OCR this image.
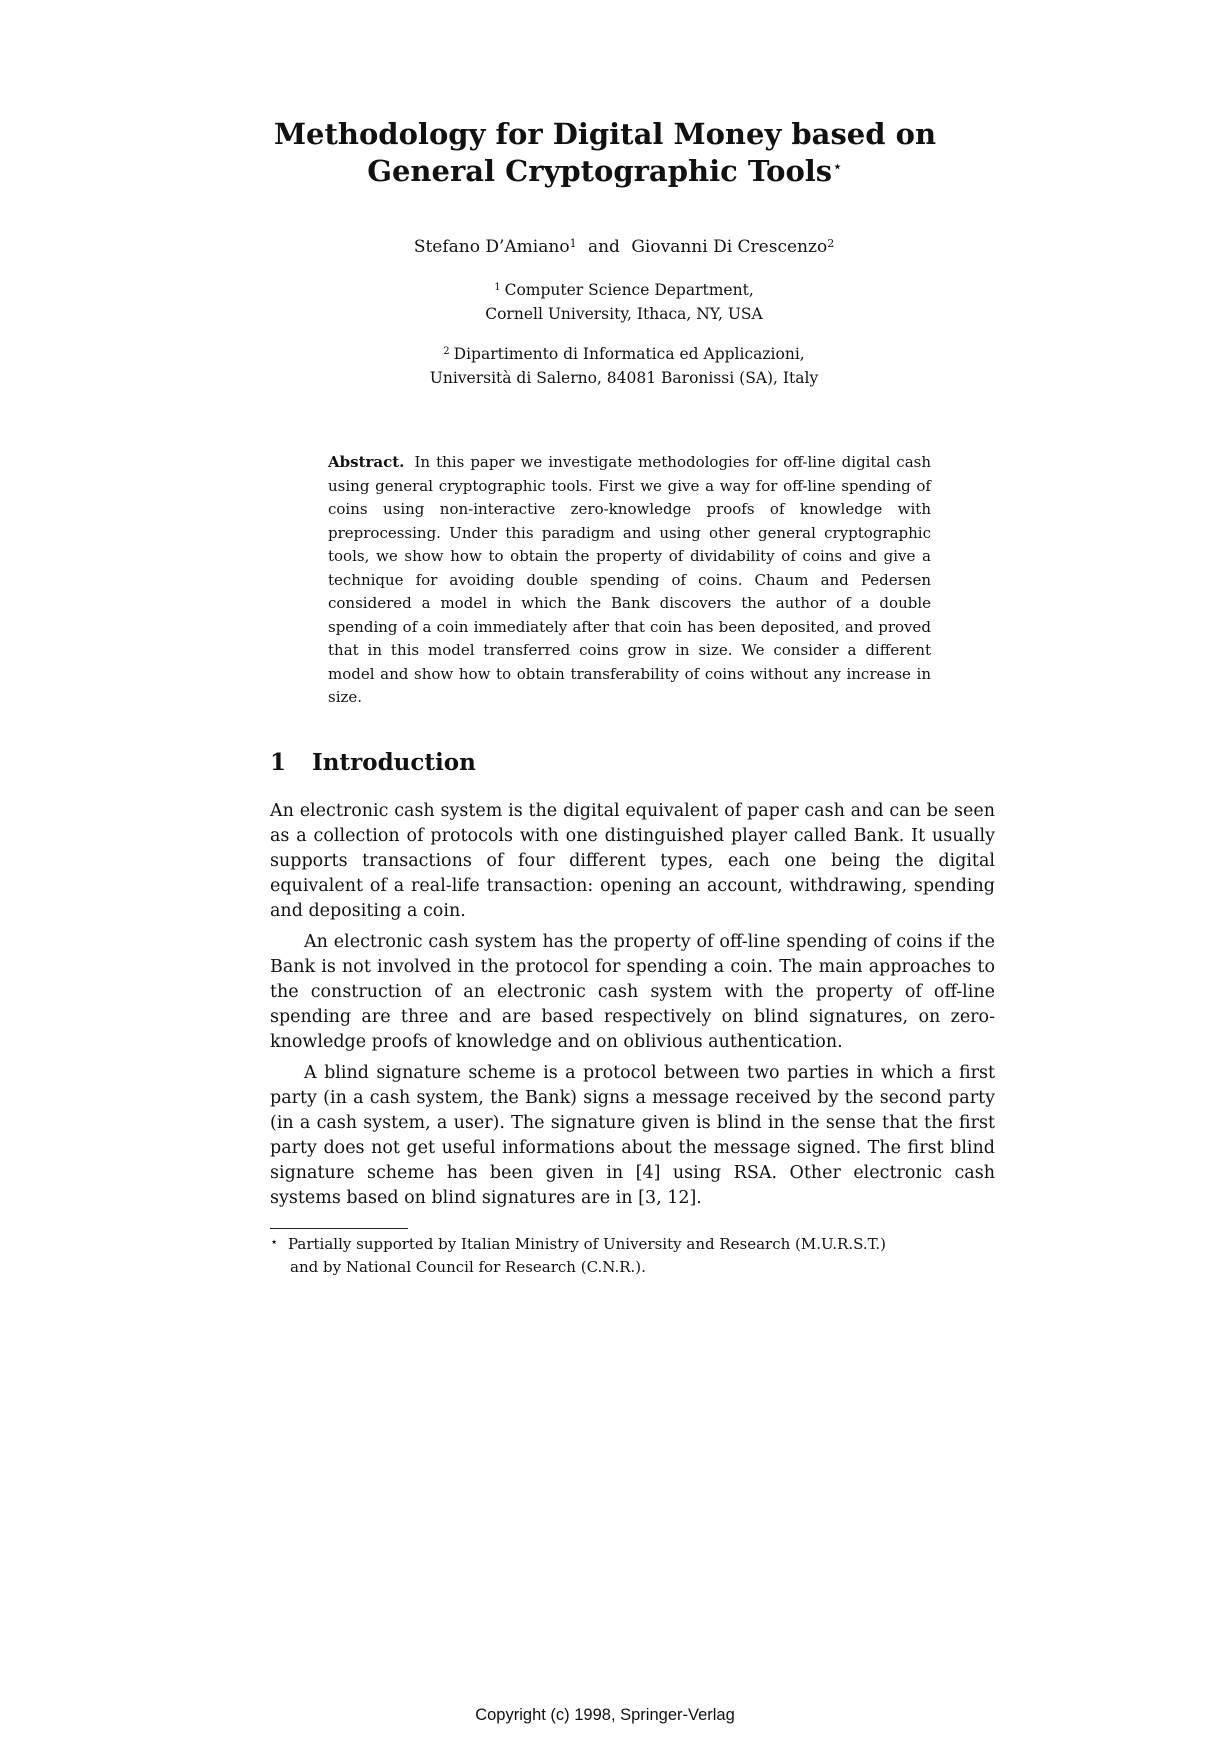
Methodology for Digital Money based on
General Cryptographic Tools⋆
Stefano D’Amiano$^1$ and Giovanni Di Crescenzo$^2$
$^1$ Computer Science Department,
Cornell University, Ithaca, NY, USA
$^2$ Dipartimento di Informatica ed Applicazioni,
Università di Salerno, 84081 Baronissi (SA), Italy
Abstract. In this paper we investigate methodologies for off-line digital cash using general cryptographic tools. First we give a way for off-line spending of coins using non-interactive zero-knowledge proofs of knowledge with preprocessing. Under this paradigm and using other general cryptographic tools, we show how to obtain the property of dividability of coins and give a technique for avoiding double spending of coins. Chaum and Pedersen considered a model in which the Bank discovers the author of a double spending of a coin immediately after that coin has been deposited, and proved that in this model transferred coins grow in size. We consider a different model and show how to obtain transferability of coins without any increase in size.
1 Introduction

An electronic cash system is the digital equivalent of paper cash and can be seen as a collection of protocols with one distinguished player called Bank. It usually supports transactions of four different types, each one being the digital equivalent of a real-life transaction: opening an account, withdrawing, spending and depositing a coin.

An electronic cash system has the property of off-line spending of coins if the Bank is not involved in the protocol for spending a coin. The main approaches to the construction of an electronic cash system with the property of off-line spending are three and are based respectively on blind signatures, on zero-knowledge proofs of knowledge and on oblivious authentication.

A blind signature scheme is a protocol between two parties in which a first party (in a cash system, the Bank) signs a message received by the second party (in a cash system, a user). The signature given is blind in the sense that the first party does not get useful informations about the message signed. The first blind signature scheme has been given in [4] using RSA. Other electronic cash systems based on blind signatures are in [3, 12].

⋆ Partially supported by Italian Ministry of University and Research (M.U.R.S.T.)
and by National Council for Research (C.N.R.).
Copyright (c) 1998, Springer-Verlag
